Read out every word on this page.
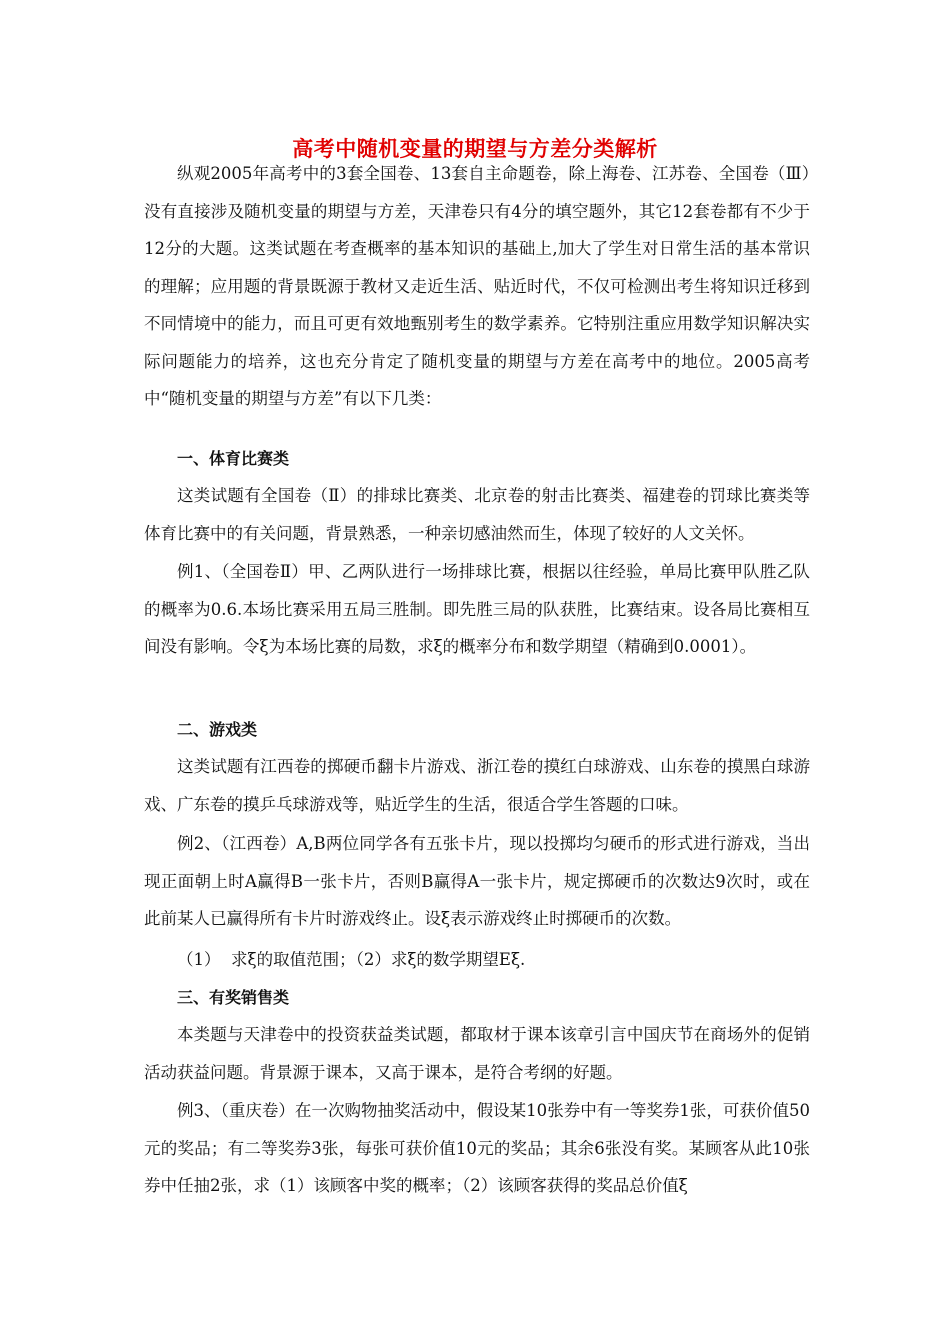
高考中随机变量的期望与方差分类解析

纵观2005年高考中的3套全国卷、13套自主命题卷，除上海卷、江苏卷、全国卷（Ⅲ）没有直接涉及随机变量的期望与方差，天津卷只有4分的填空题外，其它12套卷都有不少于12分的大题。这类试题在考查概率的基本知识的基础上,加大了学生对日常生活的基本常识的理解；应用题的背景既源于教材又走近生活、贴近时代，不仅可检测出考生将知识迁移到不同情境中的能力，而且可更有效地甄别考生的数学素养。它特别注重应用数学知识解决实际问题能力的培养，这也充分肯定了随机变量的期望与方差在高考中的地位。2005高考中“随机变量的期望与方差”有以下几类：

一、体育比赛类

这类试题有全国卷（Ⅱ）的排球比赛类、北京卷的射击比赛类、福建卷的罚球比赛类等体育比赛中的有关问题，背景熟悉，一种亲切感油然而生，体现了较好的人文关怀。

例1、（全国卷Ⅱ）甲、乙两队进行一场排球比赛，根据以往经验，单局比赛甲队胜乙队的概率为0.6.本场比赛采用五局三胜制。即先胜三局的队获胜，比赛结束。设各局比赛相互间没有影响。令ξ为本场比赛的局数，求ξ的概率分布和数学期望（精确到0.0001）。

二、游戏类

这类试题有江西卷的掷硬币翻卡片游戏、浙江卷的摸红白球游戏、山东卷的摸黑白球游戏、广东卷的摸乒乓球游戏等，贴近学生的生活，很适合学生答题的口味。

例2、（江西卷）A,B两位同学各有五张卡片，现以投掷均匀硬币的形式进行游戏，当出现正面朝上时A赢得B一张卡片，否则B赢得A一张卡片，规定掷硬币的次数达9次时，或在此前某人已赢得所有卡片时游戏终止。设ξ表示游戏终止时掷硬币的次数。

（1）  求ξ的取值范围；（2）求ξ的数学期望Eξ.

三、有奖销售类

本类题与天津卷中的投资获益类试题，都取材于课本该章引言中国庆节在商场外的促销活动获益问题。背景源于课本，又高于课本，是符合考纲的好题。

例3、（重庆卷）在一次购物抽奖活动中，假设某10张券中有一等奖券1张，可获价值50元的奖品；有二等奖券3张，每张可获价值10元的奖品；其余6张没有奖。某顾客从此10张券中任抽2张，求（1）该顾客中奖的概率；（2）该顾客获得的奖品总价值ξ
